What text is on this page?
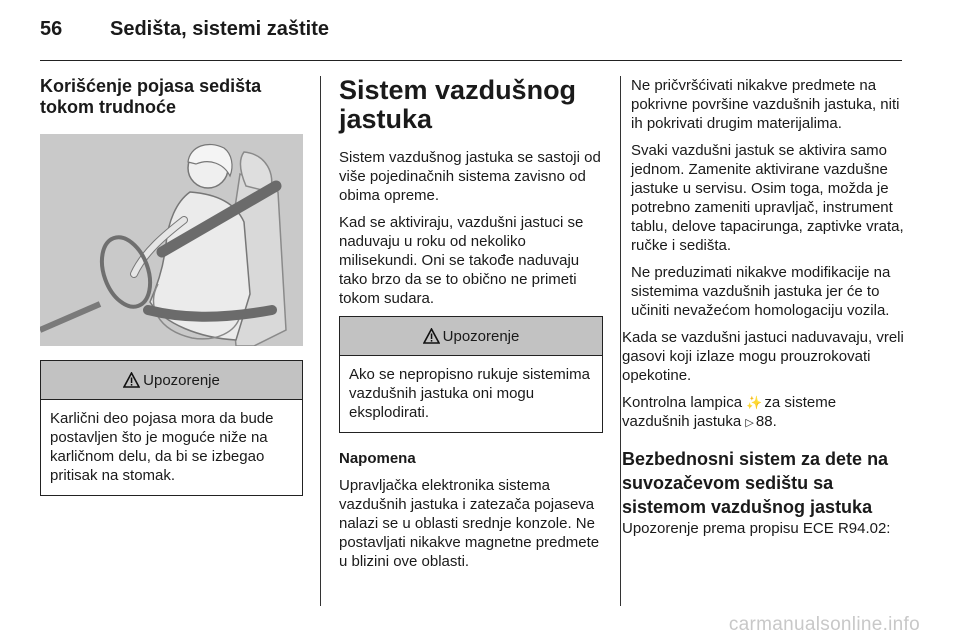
56 Sedišta, sistemi zaštite
Korišćenje pojasa sedišta tokom trudnoće
Upozorenje
Karlični deo pojasa mora da bude postavljen što je moguće niže na karličnom delu, da bi se izbegao pritisak na stomak.
Sistem vazdušnog jastuka

Sistem vazdušnog jastuka se sastoji od više pojedinačnih sistema zavisno od obima opreme.

Kad se aktiviraju, vazdušni jastuci se naduvaju u roku od nekoliko milisekundi. Oni se takođe naduvaju tako brzo da se to obično ne primeti tokom sudara.

Upozorenje
Ako se nepropisno rukuje sistemima vazdušnih jastuka oni mogu eksplodirati.

Napomena

Upravljačka elektronika sistema vazdušnih jastuka i zatezača pojaseva nalazi se u oblasti srednje konzole. Ne postavljati nikakve magnetne predmete u blizini ove oblasti.

Ne pričvršćivati nikakve predmete na pokrivne površine vazdušnih jastuka, niti ih pokrivati drugim materijalima.

Svaki vazdušni jastuk se aktivira samo jednom. Zamenite aktivirane vazdušne jastuke u servisu. Osim toga, možda je potrebno zameniti upravljač, instrument tablu, delove tapacirunga, zaptivke vrata, ručke i sedišta.

Ne preduzimati nikakve modifikacije na sistemima vazdušnih jastuka jer će to učiniti nevažećom homologaciju vozila.

Kada se vazdušni jastuci naduvavaju, vreli gasovi koji izlaze mogu prouzrokovati opekotine.

Kontrolna lampica ✨ za sisteme vazdušnih jastuka ▷ 88.

Bezbednosni sistem za dete na suvozačevom sedištu sa sistemom vazdušnog jastuka

Upozorenje prema propisu ECE R94.02:

carmanualsonline.info
